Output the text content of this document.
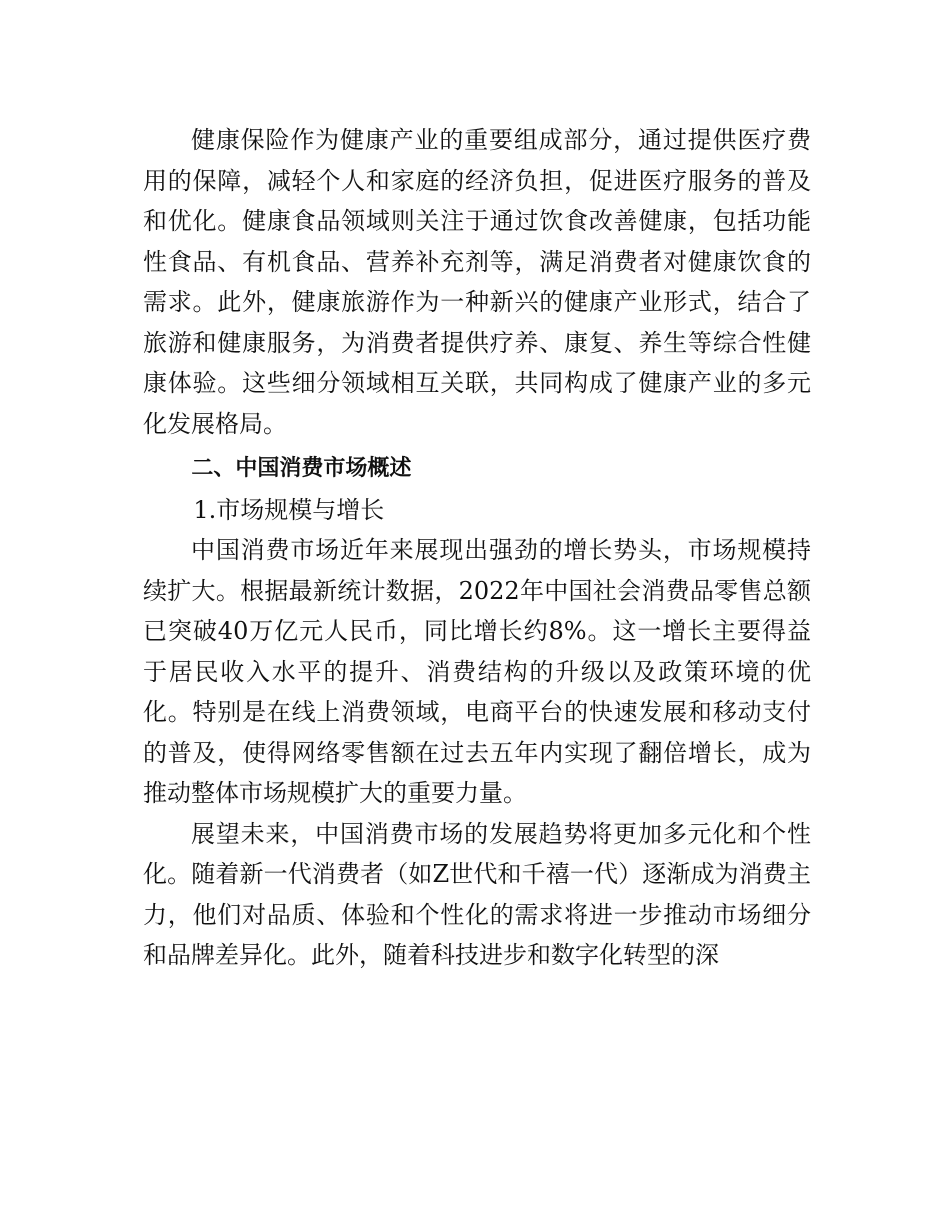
健康保险作为健康产业的重要组成部分，通过提供医疗费用的保障，减轻个人和家庭的经济负担，促进医疗服务的普及和优化。健康食品领域则关注于通过饮食改善健康，包括功能性食品、有机食品、营养补充剂等，满足消费者对健康饮食的需求。此外，健康旅游作为一种新兴的健康产业形式，结合了旅游和健康服务，为消费者提供疗养、康复、养生等综合性健康体验。这些细分领域相互关联，共同构成了健康产业的多元化发展格局。

二、中国消费市场概述

1.市场规模与增长

中国消费市场近年来展现出强劲的增长势头，市场规模持续扩大。根据最新统计数据，2022年中国社会消费品零售总额已突破40万亿元人民币，同比增长约8%。这一增长主要得益于居民收入水平的提升、消费结构的升级以及政策环境的优化。特别是在线上消费领域，电商平台的快速发展和移动支付的普及，使得网络零售额在过去五年内实现了翻倍增长，成为推动整体市场规模扩大的重要力量。

展望未来，中国消费市场的发展趋势将更加多元化和个性化。随着新一代消费者（如Z世代和千禧一代）逐渐成为消费主力，他们对品质、体验和个性化的需求将进一步推动市场细分和品牌差异化。此外，随着科技进步和数字化转型的深
